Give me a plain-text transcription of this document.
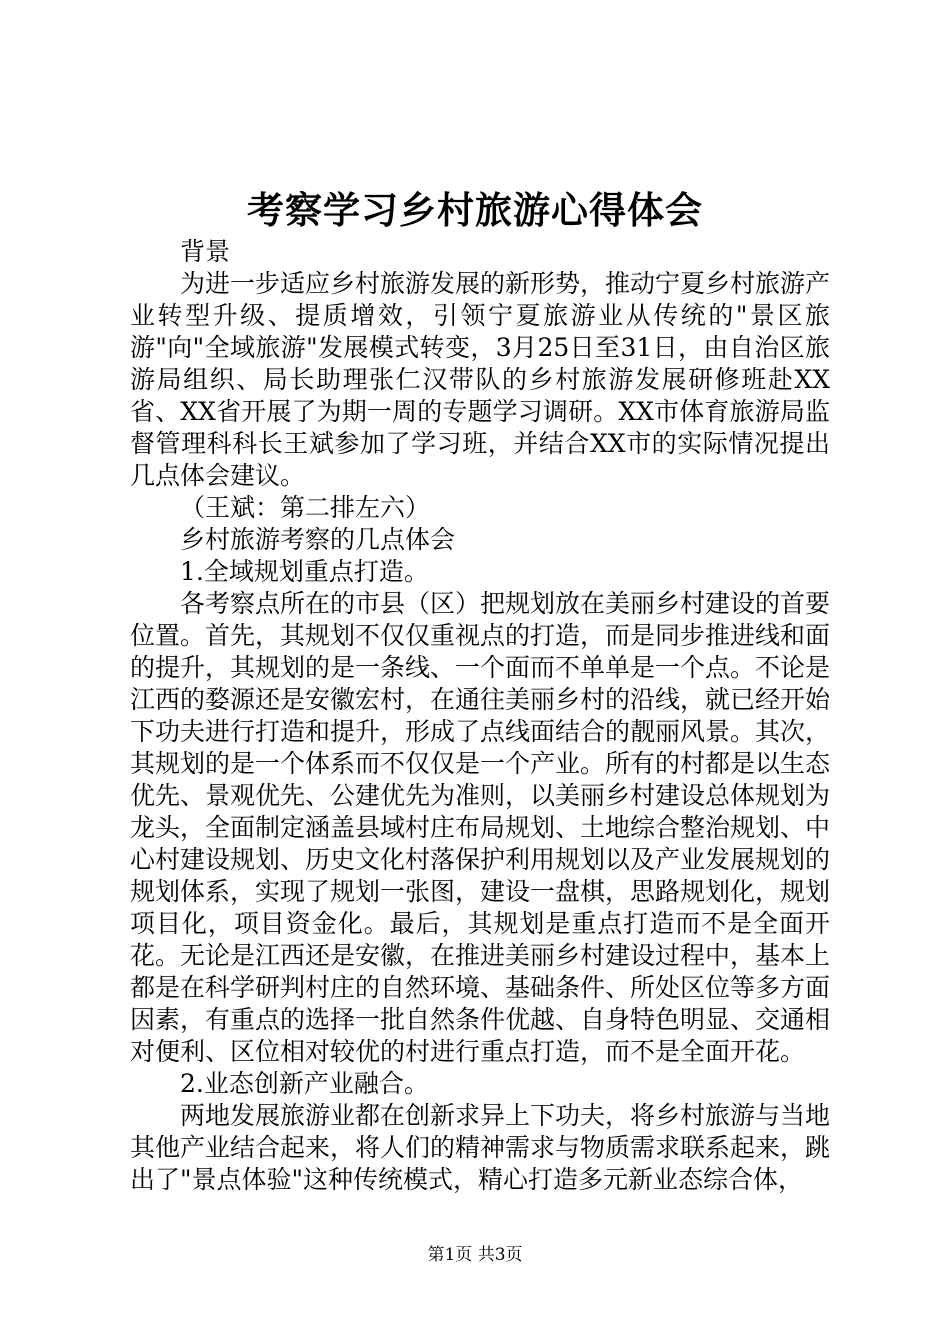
考察学习乡村旅游心得体会

背景

为进一步适应乡村旅游发展的新形势，推动宁夏乡村旅游产业转型升级、提质增效，引领宁夏旅游业从传统的"景区旅游"向"全域旅游"发展模式转变，3月25日至31日，由自治区旅游局组织、局长助理张仁汉带队的乡村旅游发展研修班赴XX省、XX省开展了为期一周的专题学习调研。XX市体育旅游局监督管理科科长王斌参加了学习班，并结合XX市的实际情况提出几点体会建议。

（王斌：第二排左六）

乡村旅游考察的几点体会

1.全域规划重点打造。

各考察点所在的市县（区）把规划放在美丽乡村建设的首要位置。首先，其规划不仅仅重视点的打造，而是同步推进线和面的提升，其规划的是一条线、一个面而不单单是一个点。不论是江西的婺源还是安徽宏村，在通往美丽乡村的沿线，就已经开始下功夫进行打造和提升，形成了点线面结合的靓丽风景。其次，其规划的是一个体系而不仅仅是一个产业。所有的村都是以生态优先、景观优先、公建优先为准则，以美丽乡村建设总体规划为龙头，全面制定涵盖县域村庄布局规划、土地综合整治规划、中心村建设规划、历史文化村落保护利用规划以及产业发展规划的规划体系，实现了规划一张图，建设一盘棋，思路规划化，规划项目化，项目资金化。最后，其规划是重点打造而不是全面开花。无论是江西还是安徽，在推进美丽乡村建设过程中，基本上都是在科学研判村庄的自然环境、基础条件、所处区位等多方面因素，有重点的选择一批自然条件优越、自身特色明显、交通相对便利、区位相对较优的村进行重点打造，而不是全面开花。

2.业态创新产业融合。

两地发展旅游业都在创新求异上下功夫，将乡村旅游与当地其他产业结合起来，将人们的精神需求与物质需求联系起来，跳出了"景点体验"这种传统模式，精心打造多元新业态综合体，

第1页 共3页
